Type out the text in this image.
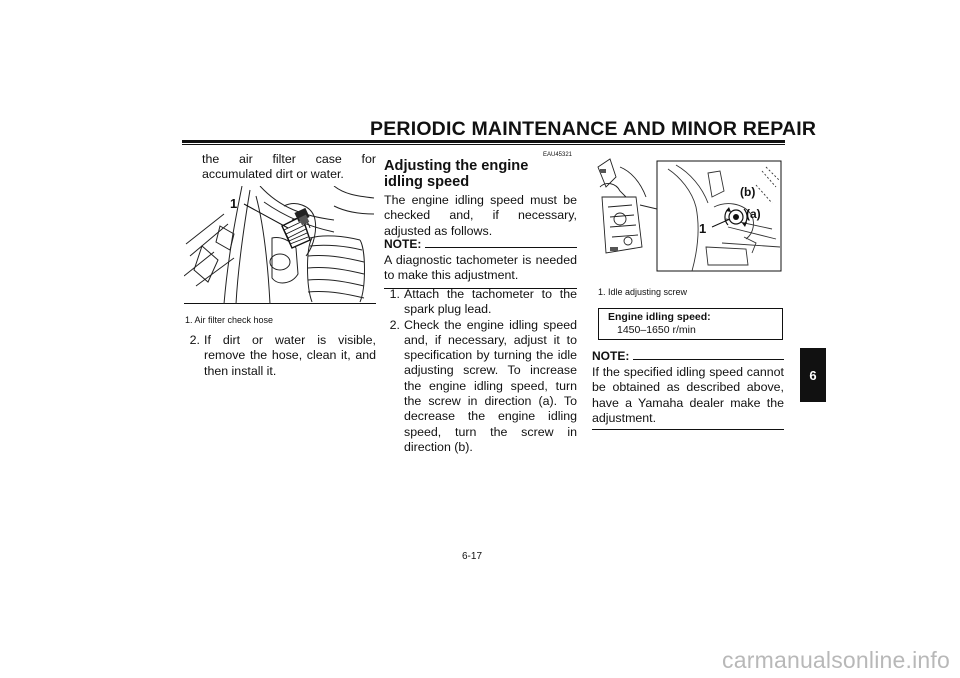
PERIODIC MAINTENANCE AND MINOR REPAIR
the air filter case for accumulated dirt or water.
1
1. Air filter check hose
2. If dirt or water is visible, remove the hose, clean it, and then install it.
EAU45321
Adjusting the engine idling speed
The engine idling speed must be checked and, if necessary, adjusted as follows.
NOTE:
A diagnostic tachometer is needed to make this adjustment.
1. Attach the tachometer to the spark plug lead.
2. Check the engine idling speed and, if necessary, adjust it to specification by turning the idle adjusting screw. To increase the engine idling speed, turn the screw in direction (a). To decrease the engine idling speed, turn the screw in direction (b).
(b)
(a)
1
1. Idle adjusting screw
Engine idling speed:
1450–1650 r/min
NOTE:
If the specified idling speed cannot be obtained as described above, have a Yamaha dealer make the adjustment.
6
6-17
carmanualsonline.info
